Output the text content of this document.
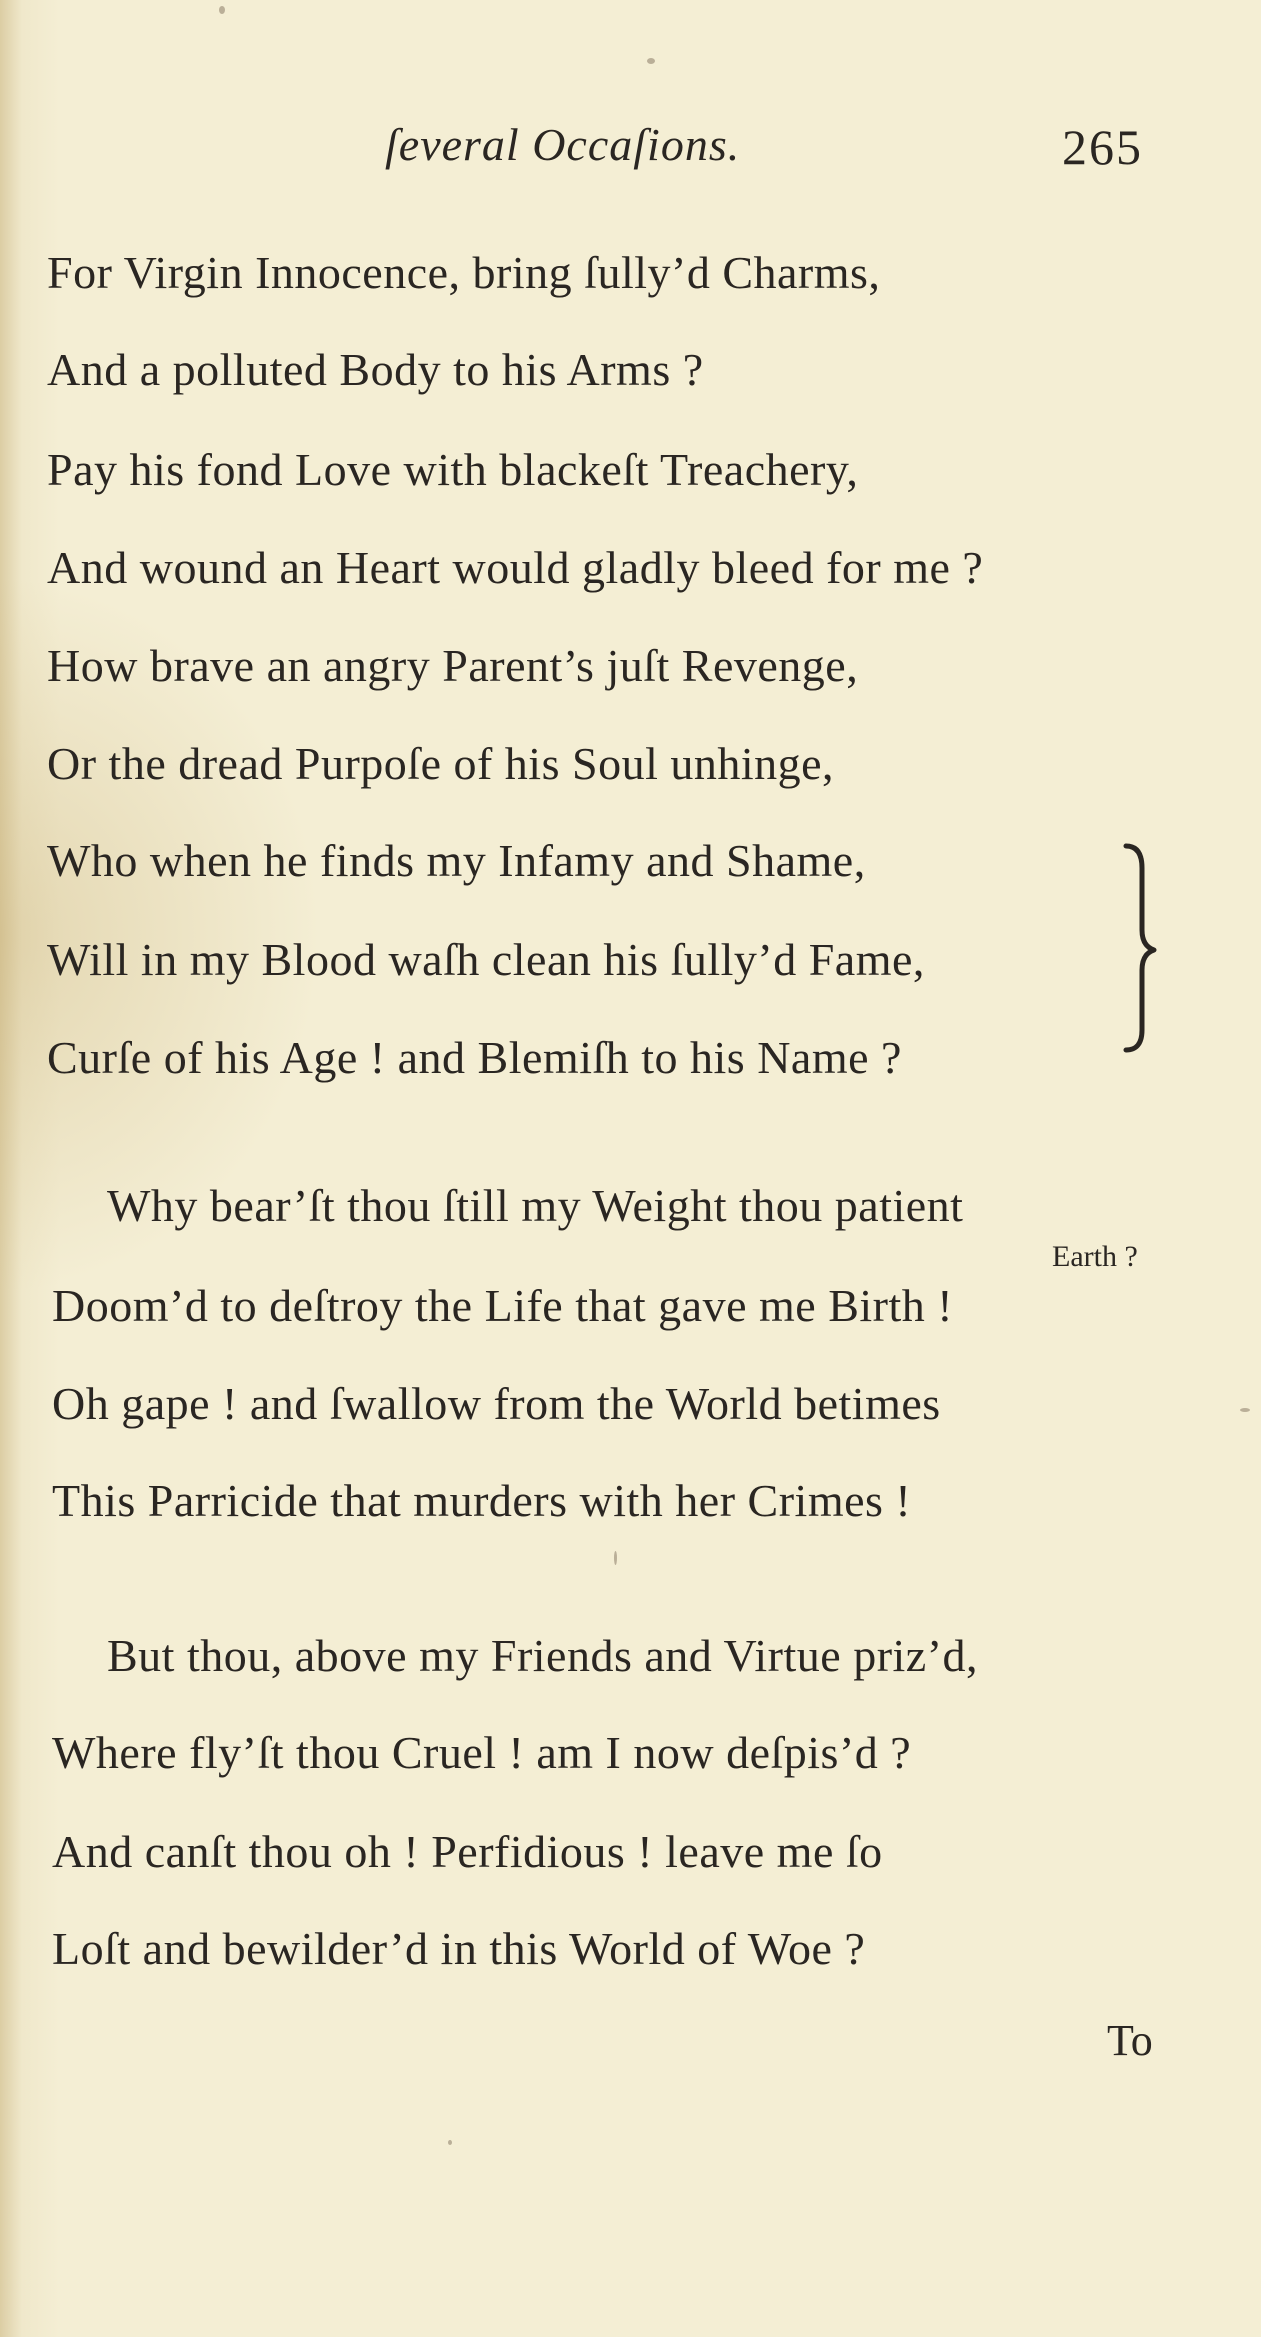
ſeveral Occaſions.	265
For Virgin Innocence, bring ſully’d Charms,
And a polluted Body to his Arms ?
Pay his fond Love with blackeſt Treachery,
And wound an Heart would gladly bleed for me ?
How brave an angry Parent’s juſt Revenge,
Or the dread Purpoſe of his Soul unhinge,
Who when he finds my Infamy and Shame,
Will in my Blood waſh clean his ſully’d Fame,
Curſe of his Age ! and Blemiſh to his Name ?
Why bear’ſt thou ſtill my Weight thou patient
Earth ?
Doom’d to deſtroy the Life that gave me Birth !
Oh gape ! and ſwallow from the World betimes
This Parricide that murders with her Crimes !
But thou, above my Friends and Virtue priz’d,
Where fly’ſt thou Cruel ! am I now deſpis’d ?
And canſt thou oh ! Perfidious ! leave me ſo
Loſt and bewilder’d in this World of Woe ?
To
